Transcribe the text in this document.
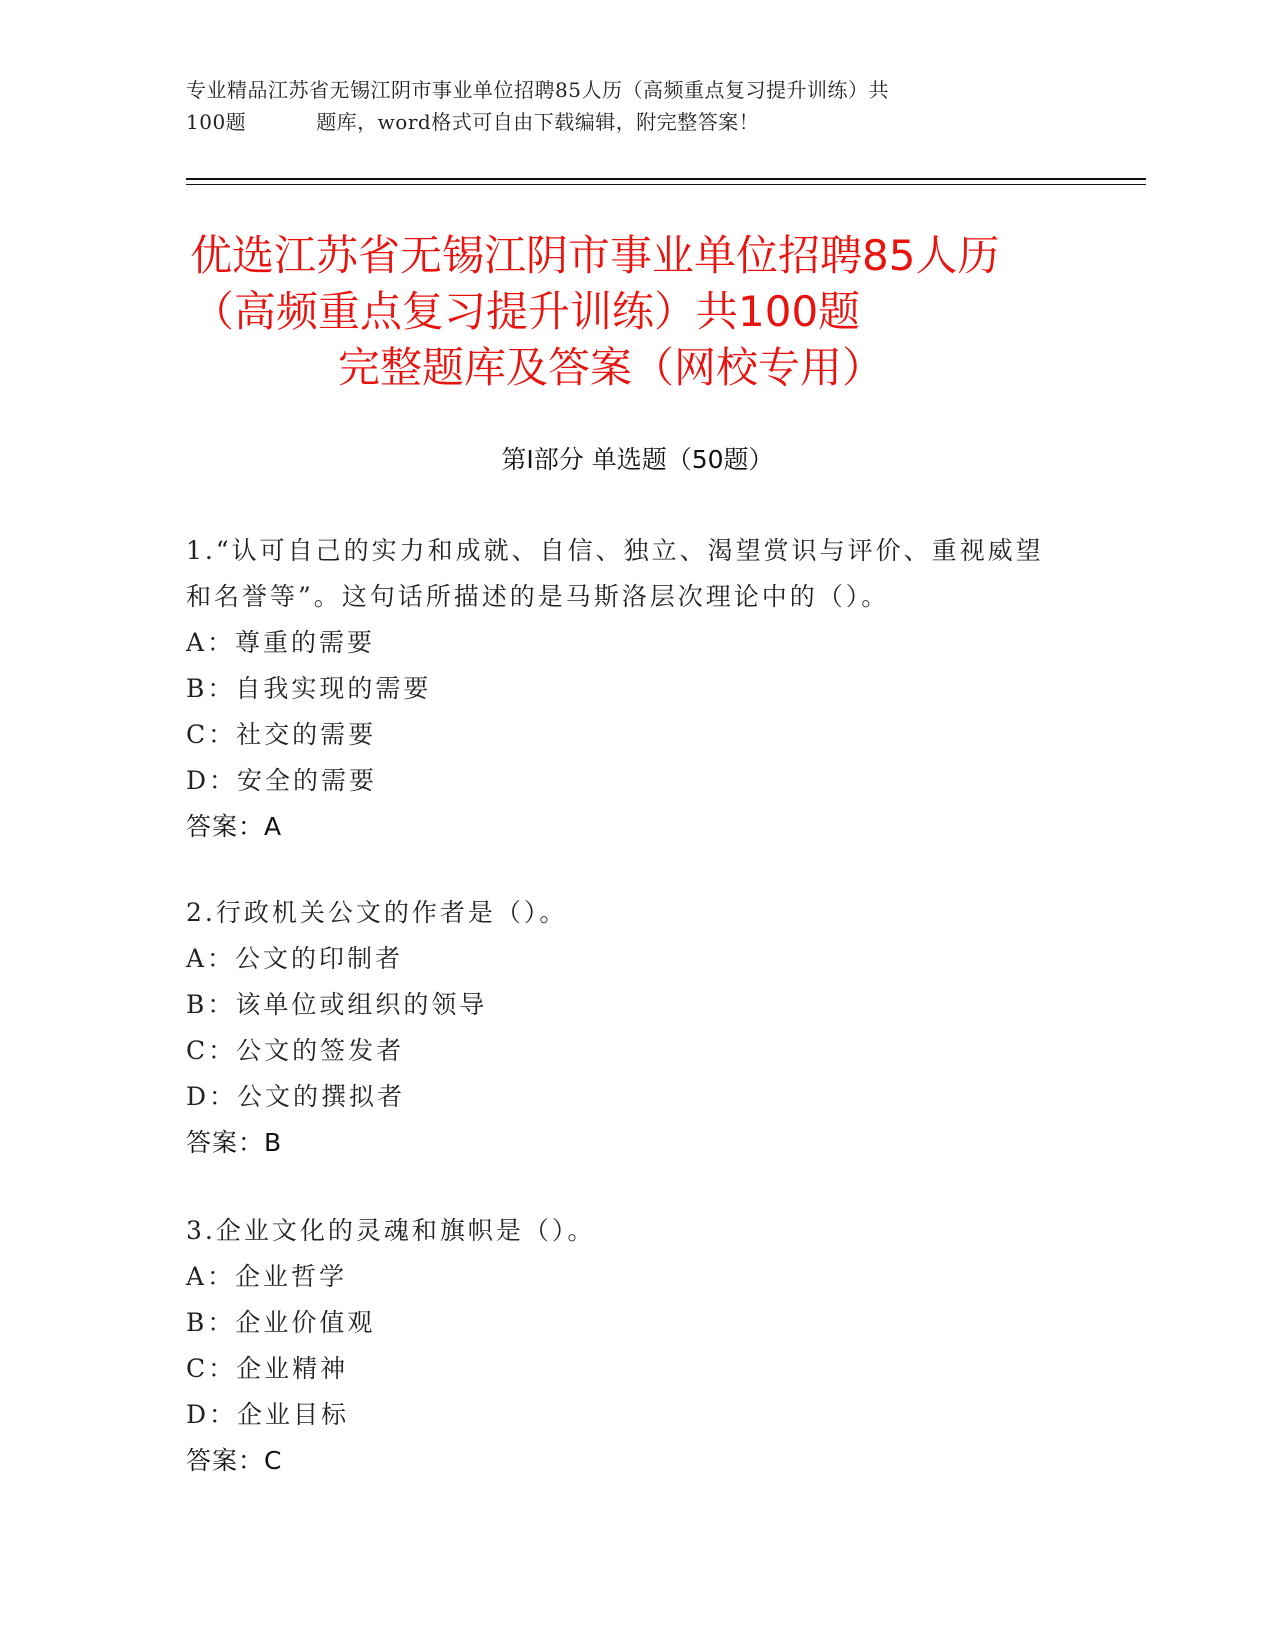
专业精品江苏省无锡江阴市事业单位招聘85人历（高频重点复习提升训练）共
100题	题库，word格式可自由下载编辑，附完整答案！
优选江苏省无锡江阴市事业单位招聘85人历
（高频重点复习提升训练）共100题
完整题库及答案（网校专用）
第Ⅰ部分 单选题（50题）
1.“认可自己的实力和成就、自信、独立、渴望赏识与评价、重视威望和名誉等”。这句话所描述的是马斯洛层次理论中的（）。
A：尊重的需要
B：自我实现的需要
C：社交的需要
D：安全的需要
答案：A
2.行政机关公文的作者是（）。
A：公文的印制者
B：该单位或组织的领导
C：公文的签发者
D：公文的撰拟者
答案：B
3.企业文化的灵魂和旗帜是（）。
A：企业哲学
B：企业价值观
C：企业精神
D：企业目标
答案：C
